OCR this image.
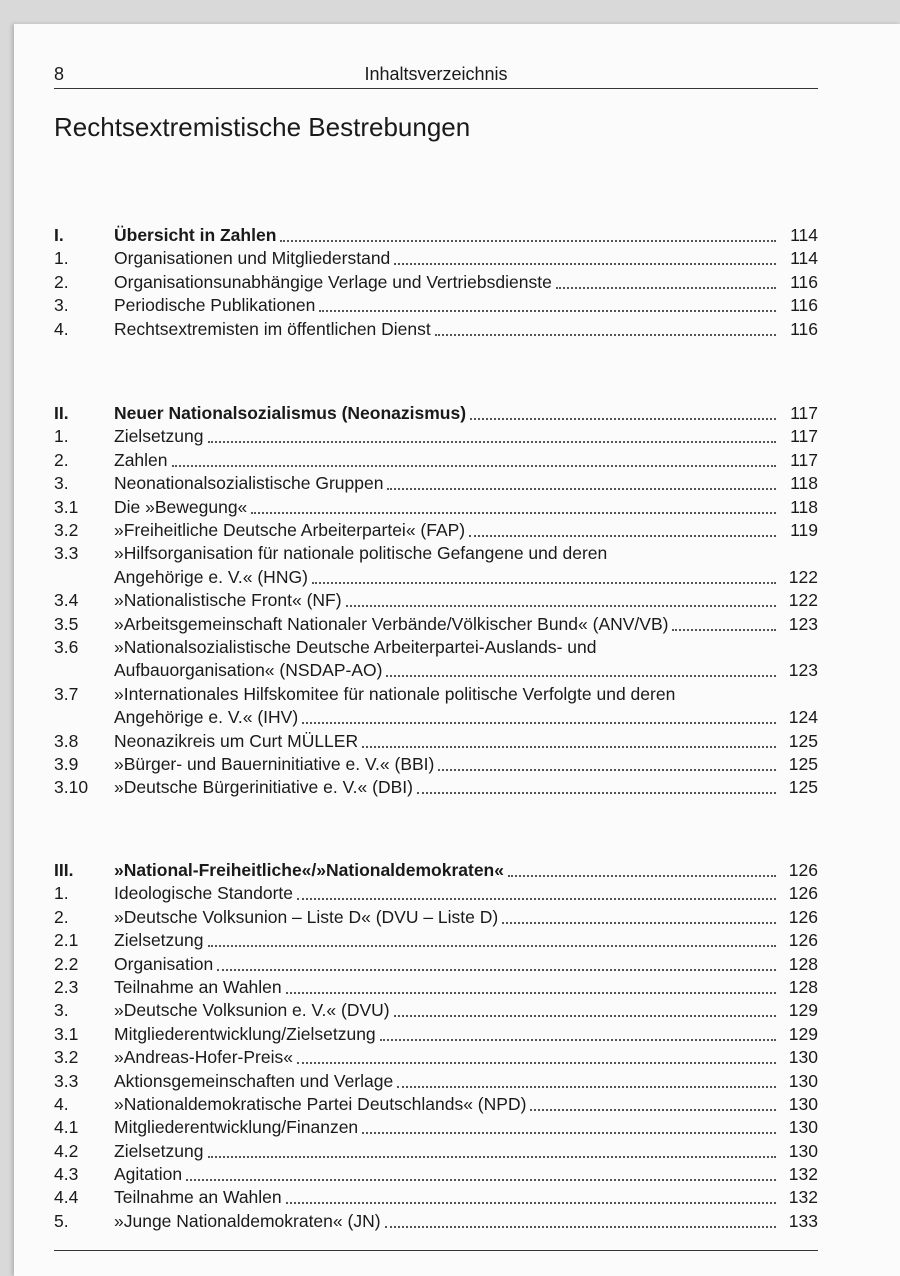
8	Inhaltsverzeichnis
Rechtsextremistische Bestrebungen
I.	Übersicht in Zahlen	114
1.	Organisationen und Mitgliederstand	114
2.	Organisationsunabhängige Verlage und Vertriebsdienste	116
3.	Periodische Publikationen	116
4.	Rechtsextremisten im öffentlichen Dienst	116
II.	Neuer Nationalsozialismus (Neonazismus)	117
1.	Zielsetzung	117
2.	Zahlen	117
3.	Neonationalsozialistische Gruppen	118
3.1 Die »Bewegung«	118
3.2 »Freiheitliche Deutsche Arbeiterpartei« (FAP)	119
3.3 »Hilfsorganisation für nationale politische Gefangene und deren
Angehörige e. V.« (HNG)	122
3.4 »Nationalistische Front« (NF)	122
3.5 »Arbeitsgemeinschaft Nationaler Verbände/Völkischer Bund« (ANV/VB)	123
3.6 »Nationalsozialistische Deutsche Arbeiterpartei-Auslands- und
Aufbauorganisation« (NSDAP-AO)	123
3.7 »Internationales Hilfskomitee für nationale politische Verfolgte und deren
Angehörige e. V.« (IHV)	124
3.8 Neonazikreis um Curt MÜLLER	125
3.9 »Bürger- und Bauerninitiative e. V.« (BBI)	125
3.10 »Deutsche Bürgerinitiative e. V.« (DBI)	125
III. »National-Freiheitliche«/»Nationaldemokraten«	126
1.	Ideologische Standorte	126
2.	»Deutsche Volksunion – Liste D« (DVU – Liste D)	126
2.1 Zielsetzung	126
2.2 Organisation	128
2.3 Teilnahme an Wahlen	128
3.	»Deutsche Volksunion e. V.« (DVU)	129
3.1 Mitgliederentwicklung/Zielsetzung	129
3.2 »Andreas-Hofer-Preis«	130
3.3 Aktionsgemeinschaften und Verlage	130
4.	»Nationaldemokratische Partei Deutschlands« (NPD)	130
4.1 Mitgliederentwicklung/Finanzen	130
4.2 Zielsetzung	130
4.3 Agitation	132
4.4 Teilnahme an Wahlen	132
5.	»Junge Nationaldemokraten« (JN)	133
